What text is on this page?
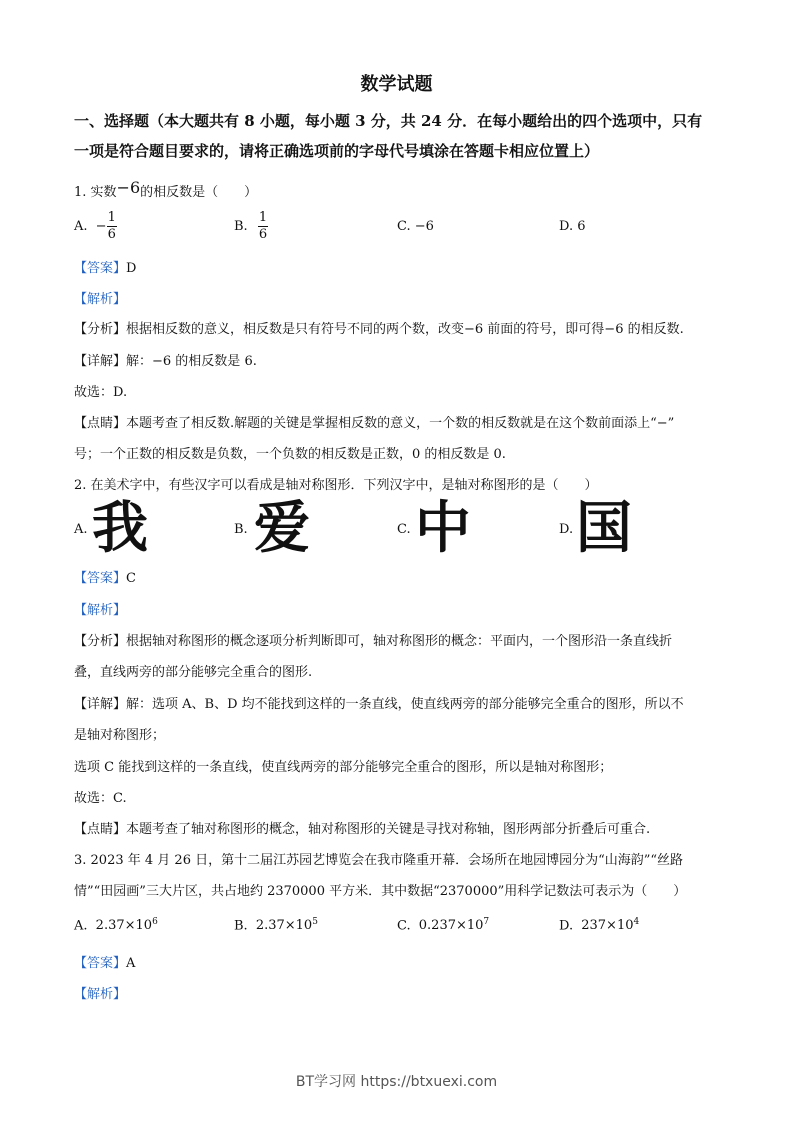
数学试题
一、选择题（本大题共有 8 小题，每小题 3 分，共 24 分．在每小题给出的四个选项中，只有
一项是符合题目要求的，请将正确选项前的字母代号填涂在答题卡相应位置上）
1. 实数−6的相反数是（　　）
A. − $\frac{1}{6}$	B. $\frac{1}{6}$	C. −6	D. 6
【答案】D
【解析】
【分析】根据相反数的意义，相反数是只有符号不同的两个数，改变−6 前面的符号，即可得−6 的相反数.
【详解】解：−6 的相反数是 6.
故选：D.
【点睛】本题考查了相反数.解题的关键是掌握相反数的意义，一个数的相反数就是在这个数前面添上“−”
号；一个正数的相反数是负数，一个负数的相反数是正数，0 的相反数是 0.
2. 在美术字中，有些汉字可以看成是轴对称图形．下列汉字中，是轴对称图形的是（　　）
A. 我	B. 爱	C. 中	D. 国
【答案】C
【解析】
【分析】根据轴对称图形的概念逐项分析判断即可，轴对称图形的概念：平面内，一个图形沿一条直线折
叠，直线两旁的部分能够完全重合的图形.
【详解】解：选项 A、B、D 均不能找到这样的一条直线，使直线两旁的部分能够完全重合的图形，所以不
是轴对称图形；
选项 C 能找到这样的一条直线，使直线两旁的部分能够完全重合的图形，所以是轴对称图形；
故选：C.
【点睛】本题考查了轴对称图形的概念，轴对称图形的关键是寻找对称轴，图形两部分折叠后可重合.
3. 2023 年 4 月 26 日，第十二届江苏园艺博览会在我市隆重开幕．会场所在地园博园分为“山海韵”“丝路
情”“田园画”三大片区，共占地约 2370000 平方米．其中数据“2370000”用科学记数法可表示为（　　）
A. $2.37\times 10^6$	B. $2.37\times 10^5$	C. $0.237\times 10^7$	D. $237\times 10^4$
【答案】A
【解析】
BT学习网 https://btxuexi.com
